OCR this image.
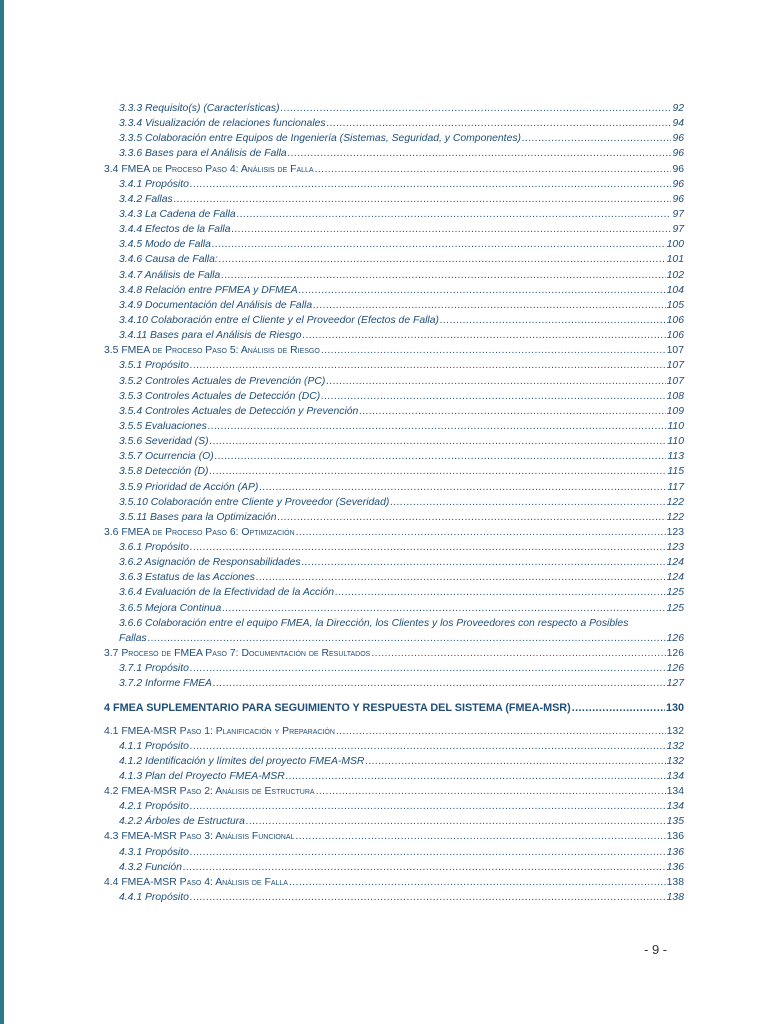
3.3.3 Requisito(s) (Características) .....	92
3.3.4 Visualización de relaciones funcionales .....	94
3.3.5 Colaboración entre Equipos de Ingeniería (Sistemas, Seguridad, y Componentes) .....	96
3.3.6 Bases para el Análisis de Falla .....	96
3.4 FMEA de Proceso Paso 4: Análisis de Falla .....	96
3.4.1 Propósito .....	96
3.4.2 Fallas .....	96
3.4.3 La Cadena de Falla .....	97
3.4.4 Efectos de la Falla .....	97
3.4.5 Modo de Falla .....	100
3.4.6 Causa de Falla: .....	101
3.4.7 Análisis de Falla .....	102
3.4.8 Relación entre PFMEA y DFMEA .....	104
3.4.9 Documentación del Análisis de Falla .....	105
3.4.10 Colaboración entre el Cliente y el Proveedor (Efectos de Falla) .....	106
3.4.11 Bases para el Análisis de Riesgo .....	106
3.5 FMEA de Proceso Paso 5: Análisis de Riesgo .....	107
3.5.1 Propósito .....	107
3.5.2 Controles Actuales de Prevención (PC) .....	107
3.5.3 Controles Actuales de Detección (DC) .....	108
3.5.4 Controles Actuales de Detección y Prevención .....	109
3.5.5 Evaluaciones .....	110
3.5.6 Severidad (S) .....	110
3.5.7 Ocurrencia (O) .....	113
3.5.8 Detección (D) .....	115
3.5.9 Prioridad de Acción (AP) .....	117
3.5.10 Colaboración entre Cliente y Proveedor (Severidad) .....	122
3.5.11 Bases para la Optimización .....	122
3.6 FMEA de Proceso Paso 6: Optimización .....	123
3.6.1 Propósito .....	123
3.6.2 Asignación de Responsabilidades .....	124
3.6.3 Estatus de las Acciones .....	124
3.6.4 Evaluación de la Efectividad de la Acción .....	125
3.6.5 Mejora Continua .....	125
3.6.6 Colaboración entre el equipo FMEA, la Dirección, los Clientes y los Proveedores con respecto a Posibles
Fallas .....	126
3.7 Proceso de FMEA Paso 7: Documentación de Resultados .....	126
3.7.1 Propósito .....	126
3.7.2 Informe FMEA .....	127
4 FMEA SUPLEMENTARIO PARA SEGUIMIENTO Y RESPUESTA DEL SISTEMA (FMEA-MSR) .....	130
4.1 FMEA-MSR Paso 1: Planificación y Preparación .....	132
4.1.1 Propósito .....	132
4.1.2 Identificación y límites del proyecto FMEA-MSR .....	132
4.1.3 Plan del Proyecto FMEA-MSR .....	134
4.2 FMEA-MSR Paso 2: Análisis de Estructura .....	134
4.2.1 Propósito .....	134
4.2.2 Árboles de Estructura .....	135
4.3 FMEA-MSR Paso 3: Análisis Funcional .....	136
4.3.1 Propósito .....	136
4.3.2 Función .....	136
4.4 FMEA-MSR Paso 4: Análisis de Falla .....	138
4.4.1 Propósito .....	138
- 9 -
